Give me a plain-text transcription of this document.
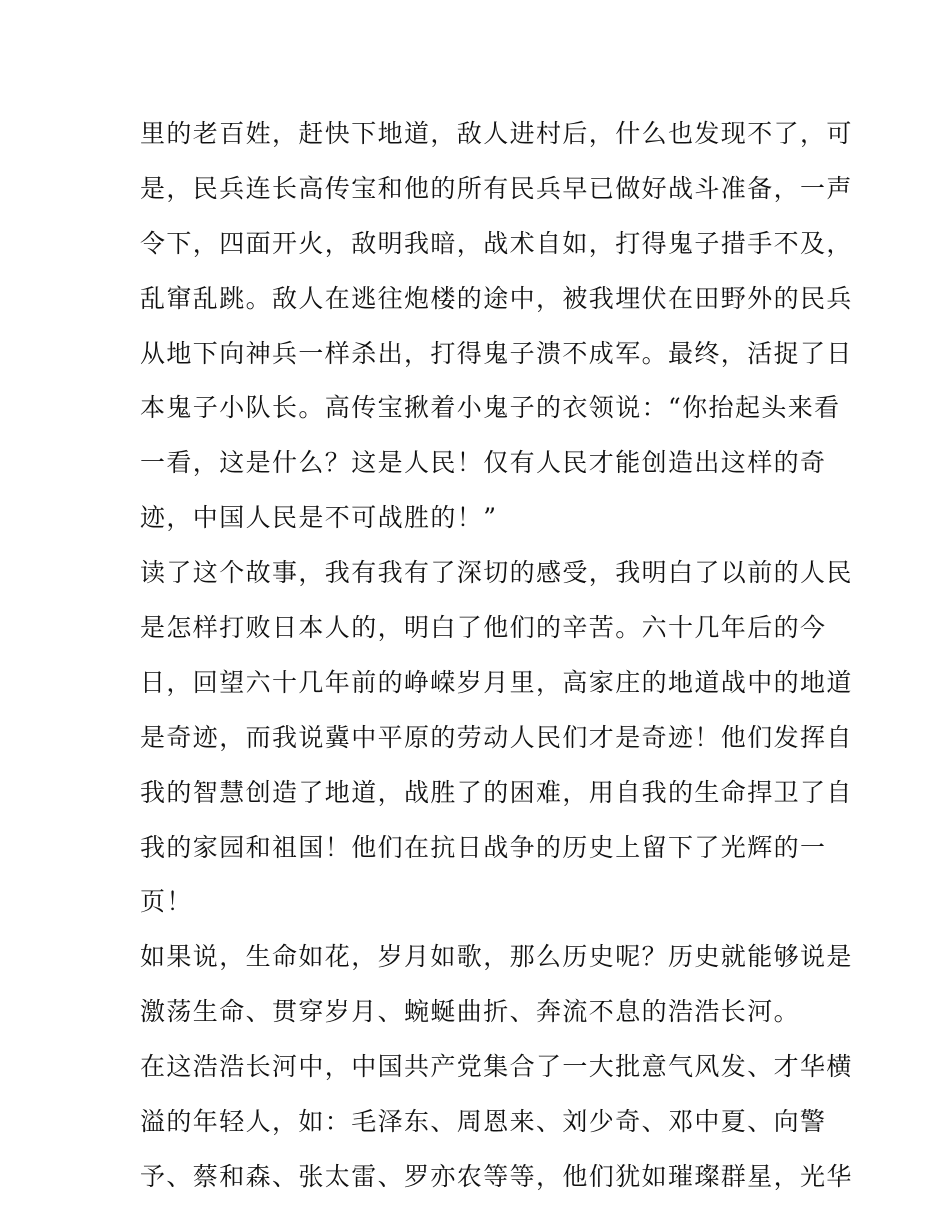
里的老百姓，赶快下地道，敌人进村后，什么也发现不了，可
是，民兵连长高传宝和他的所有民兵早已做好战斗准备，一声
令下，四面开火，敌明我暗，战术自如，打得鬼子措手不及，
乱窜乱跳。敌人在逃往炮楼的途中，被我埋伏在田野外的民兵
从地下向神兵一样杀出，打得鬼子溃不成军。最终，活捉了日
本鬼子小队长。高传宝揪着小鬼子的衣领说：“你抬起头来看
一看，这是什么？这是人民！仅有人民才能创造出这样的奇
迹，中国人民是不可战胜的！”
读了这个故事，我有我有了深切的感受，我明白了以前的人民
是怎样打败日本人的，明白了他们的辛苦。六十几年后的今
日，回望六十几年前的峥嵘岁月里，高家庄的地道战中的地道
是奇迹，而我说冀中平原的劳动人民们才是奇迹！他们发挥自
我的智慧创造了地道，战胜了的困难，用自我的生命捍卫了自
我的家园和祖国！他们在抗日战争的历史上留下了光辉的一
页！
如果说，生命如花，岁月如歌，那么历史呢？历史就能够说是
激荡生命、贯穿岁月、蜿蜒曲折、奔流不息的浩浩长河。
在这浩浩长河中，中国共产党集合了一大批意气风发、才华横
溢的年轻人，如：毛泽东、周恩来、刘少奇、邓中夏、向警
予、蔡和森、张太雷、罗亦农等等，他们犹如璀璨群星，光华
